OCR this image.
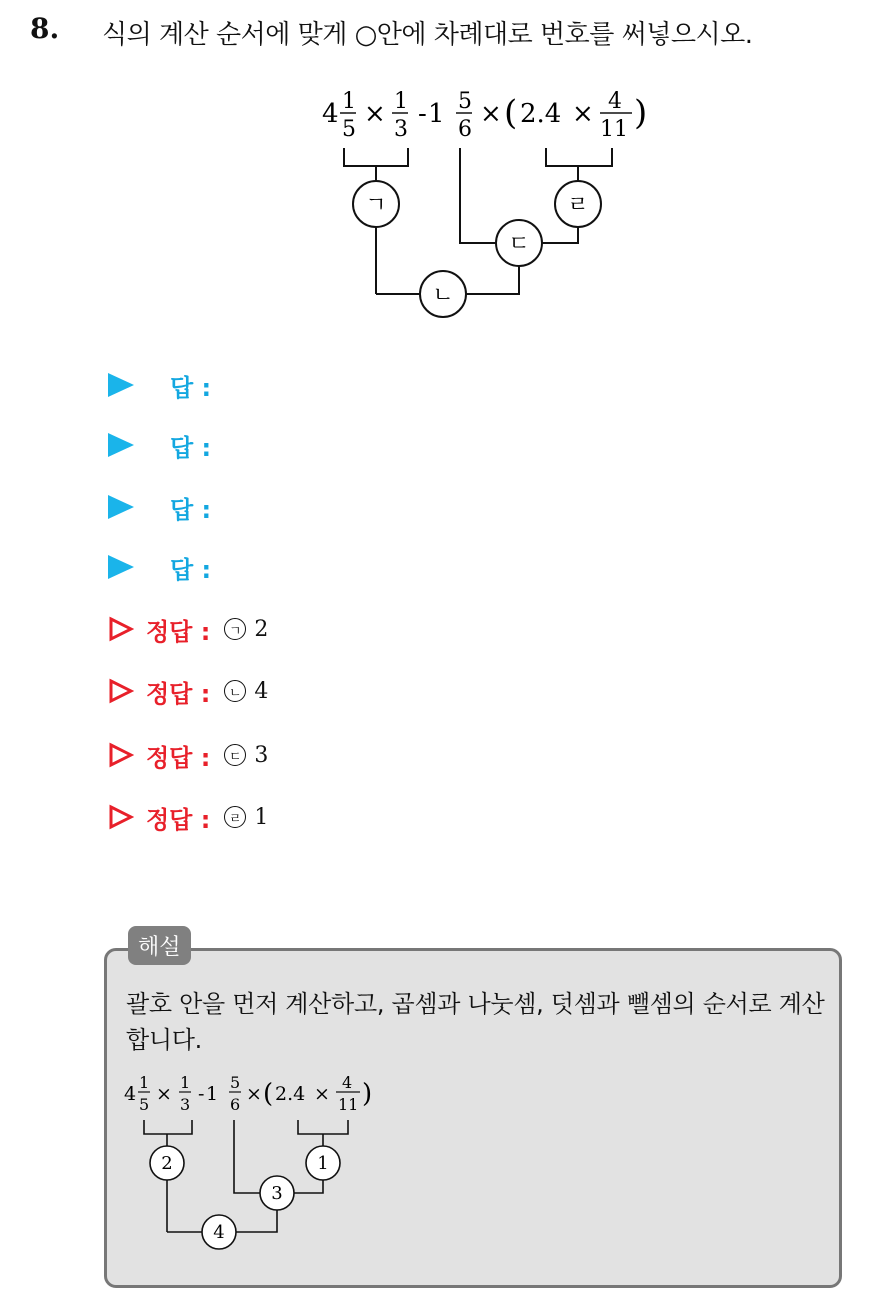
8. 식의 계산 순서에 맞게 ○안에 차례대로 번호를 써넣으시오.
4 1
5
× 1
3
- 1 5
6
× ( 2.4 × 4
11 )
ㄱ	ㄹ
ㄷ
ㄴ
답 :
답 :
답 :
답 :
정답 :	ㄱ 2
정답 :	ㄴ 4
정답 :	ㄷ 3
정답 :	ㄹ 1
해설
괄호 안을 먼저 계산하고, 곱셈과 나눗셈, 덧셈과 뺄셈의 순서로 계산합니다.
4
1
5 ×
1
3 - 1
5
6 × ( 2.4 ×
4
11 )
2	1
3
4
